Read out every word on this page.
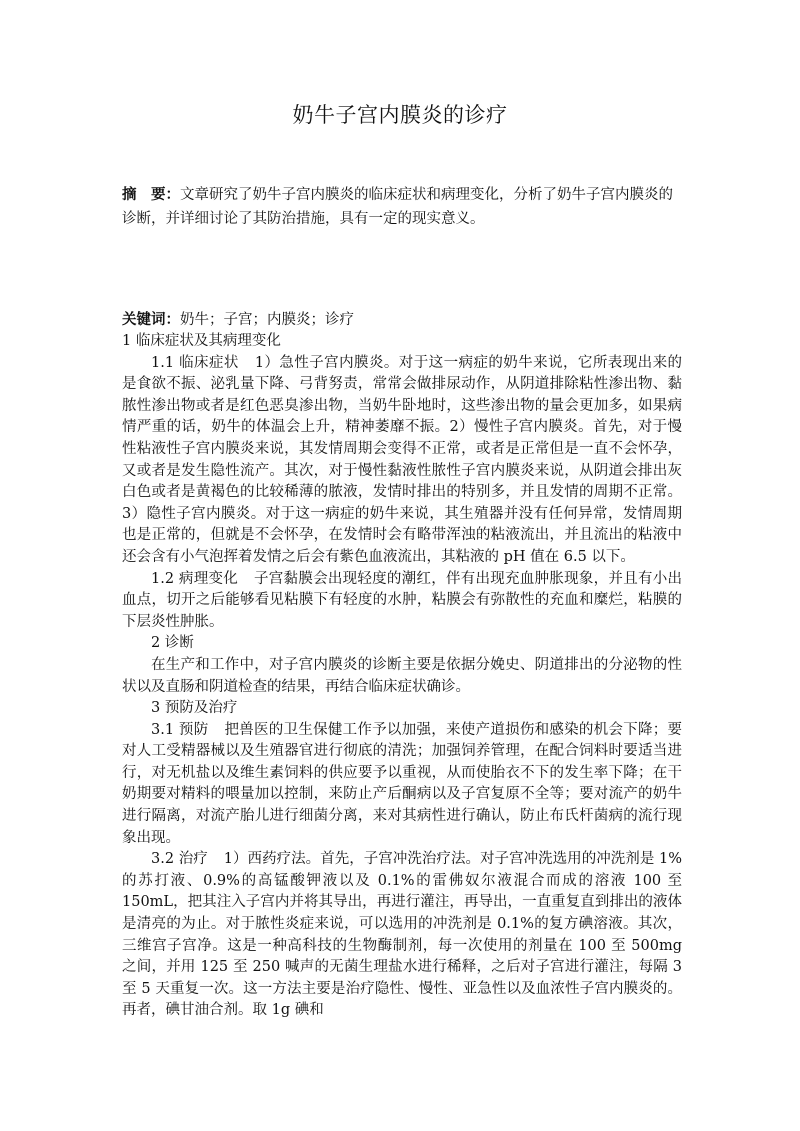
奶牛子宫内膜炎的诊疗
摘　要：文章研究了奶牛子宫内膜炎的临床症状和病理变化，分析了奶牛子宫内膜炎的诊断，并详细讨论了其防治措施，具有一定的现实意义。
关键词：奶牛；子宫；内膜炎；诊疗

1 临床症状及其病理变化

1.1 临床症状 1）急性子宫内膜炎。对于这一病症的奶牛来说，它所表现出来的是食欲不振、泌乳量下降、弓背努责，常常会做排尿动作，从阴道排除粘性渗出物、黏脓性渗出物或者是红色恶臭渗出物，当奶牛卧地时，这些渗出物的量会更加多，如果病情严重的话，奶牛的体温会上升，精神萎靡不振。2）慢性子宫内膜炎。首先，对于慢性粘液性子宫内膜炎来说，其发情周期会变得不正常，或者是正常但是一直不会怀孕，又或者是发生隐性流产。其次，对于慢性黏液性脓性子宫内膜炎来说，从阴道会排出灰白色或者是黄褐色的比较稀薄的脓液，发情时排出的特别多，并且发情的周期不正常。3）隐性子宫内膜炎。对于这一病症的奶牛来说，其生殖器并没有任何异常，发情周期也是正常的，但就是不会怀孕，在发情时会有略带浑浊的粘液流出，并且流出的粘液中还会含有小气泡挥着发情之后会有紫色血液流出，其粘液的 pH 值在 6.5 以下。

1.2 病理变化 子宫黏膜会出现轻度的潮红，伴有出现充血肿胀现象，并且有小出血点，切开之后能够看见粘膜下有轻度的水肿，粘膜会有弥散性的充血和糜烂，粘膜的下层炎性肿胀。

2 诊断

在生产和工作中，对子宫内膜炎的诊断主要是依据分娩史、阴道排出的分泌物的性状以及直肠和阴道检查的结果，再结合临床症状确诊。

3 预防及治疗

3.1 预防 把兽医的卫生保健工作予以加强，来使产道损伤和感染的机会下降；要对人工受精器械以及生殖器官进行彻底的清洗；加强饲养管理，在配合饲料时要适当进行，对无机盐以及维生素饲料的供应要予以重视，从而使胎衣不下的发生率下降；在干奶期要对精料的喂量加以控制，来防止产后酮病以及子宫复原不全等；要对流产的奶牛进行隔离，对流产胎儿进行细菌分离，来对其病性进行确认，防止布氏杆菌病的流行现象出现。

3.2 治疗 1）西药疗法。首先，子宫冲洗治疗法。对子宫冲洗选用的冲洗剂是 1%的苏打液、0.9%的高锰酸钾液以及 0.1%的雷佛奴尔液混合而成的溶液 100 至 150mL，把其注入子宫内并将其导出，再进行灌注，再导出，一直重复直到排出的液体是清亮的为止。对于脓性炎症来说，可以选用的冲洗剂是 0.1%的复方碘溶液。其次，三维宫子宫净。这是一种高科技的生物酶制剂，每一次使用的剂量在 100 至 500mg 之间，并用 125 至 250 喊声的无菌生理盐水进行稀释，之后对子宫进行灌注，每隔 3 至 5 天重复一次。这一方法主要是治疗隐性、慢性、亚急性以及血浓性子宫内膜炎的。再者，碘甘油合剂。取 1g 碘和
